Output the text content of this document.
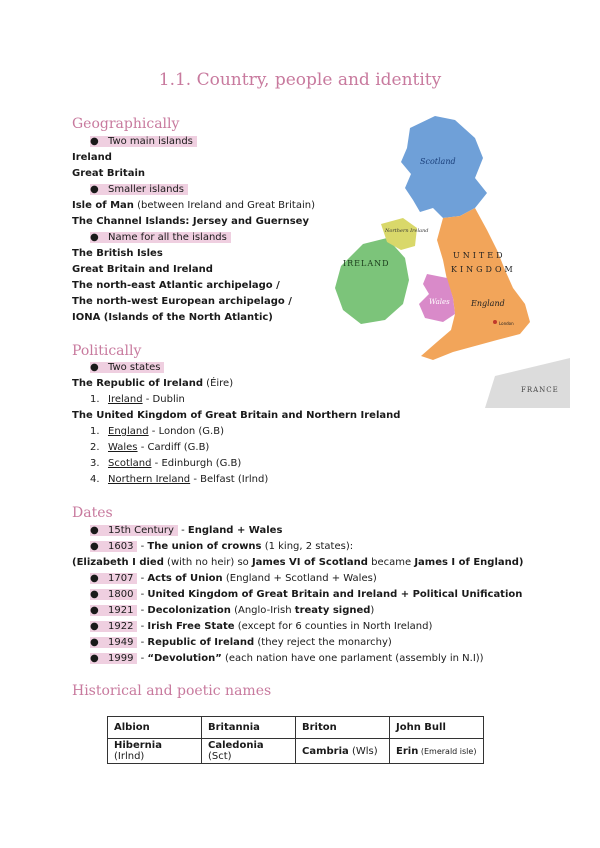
1.1. Country, people and identity
Geographically
● Two main islands
Ireland
Great Britain
● Smaller islands
Isle of Man (between Ireland and Great Britain)
The Channel Islands: Jersey and Guernsey
● Name for all the islands
The British Isles
Great Britain and Ireland
The north-east Atlantic archipelago /
The north-west European archipelago /
IONA (Islands of the North Atlantic)
Scotland
Northern Ireland
IRELAND
UNITED
KINGDOM
Wales	England
London
FRANCE
Politically
● Two states
The Republic of Ireland (Éire)
1. Ireland - Dublin
The United Kingdom of Great Britain and Northern Ireland
1. England - London (G.B)
2. Wales - Cardiff (G.B)
3. Scotland - Edinburgh (G.B)
4. Northern Ireland - Belfast (Irlnd)
Dates
● 15th Century - England + Wales
● 1603 - The union of crowns (1 king, 2 states):
(Elizabeth I died (with no heir) so James VI of Scotland became James I of England)
● 1707 - Acts of Union (England + Scotland + Wales)
● 1800 - United Kingdom of Great Britain and Ireland + Political Unification
● 1921 - Decolonization (Anglo-Irish treaty signed)
● 1922 - Irish Free State (except for 6 counties in North Ireland)
● 1949 - Republic of Ireland (they reject the monarchy)
● 1999 - “Devolution” (each nation have one parlament (assembly in N.I))
Historical and poetic names
Albion	Britannia	Briton	John Bull
Hibernia (Irlnd)	Caledonia (Sct)	Cambria (Wls)	Erin (Emerald isle)
